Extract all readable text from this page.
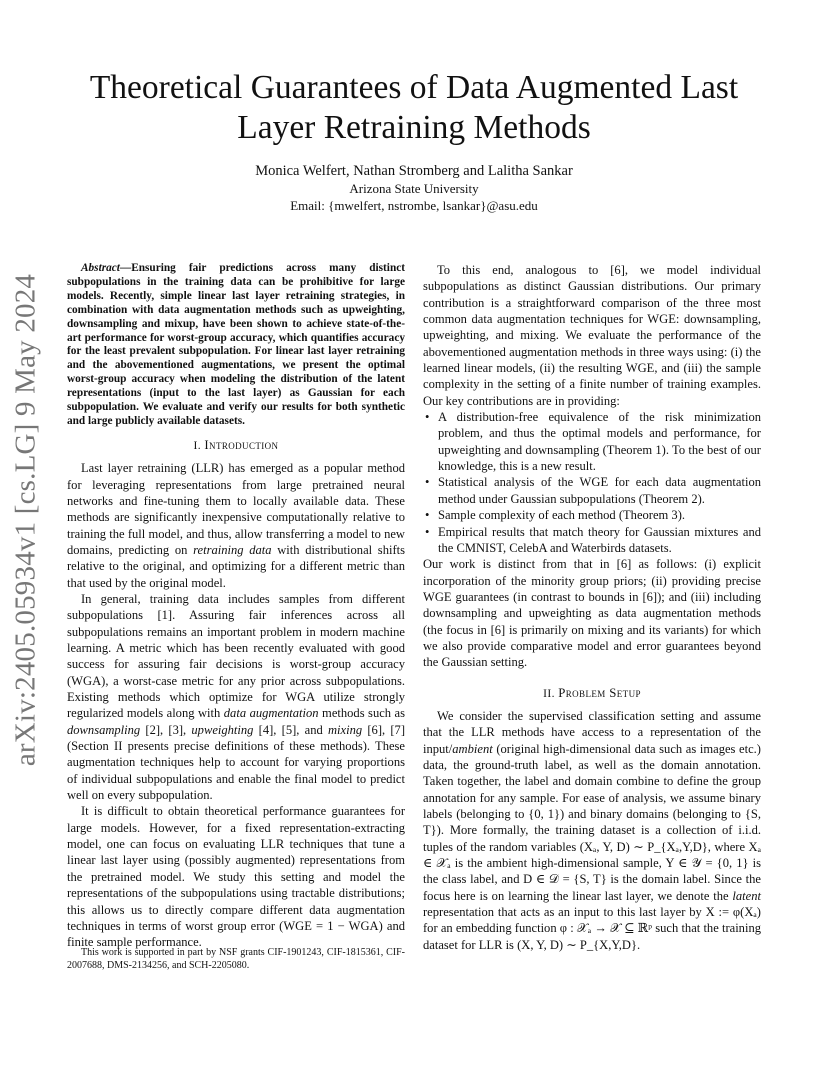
Theoretical Guarantees of Data Augmented Last
Layer Retraining Methods
Monica Welfert, Nathan Stromberg and Lalitha Sankar
Arizona State University
Email: {mwelfert, nstrombe, lsankar}@asu.edu
arXiv:2405.05934v1 [cs.LG] 9 May 2024

Abstract—Ensuring fair predictions across many distinct subpopulations in the training data can be prohibitive for large models. Recently, simple linear last layer retraining strategies, in combination with data augmentation methods such as upweighting, downsampling and mixup, have been shown to achieve state-of-the-art performance for worst-group accuracy, which quantifies accuracy for the least prevalent subpopulation. For linear last layer retraining and the abovementioned augmentations, we present the optimal worst-group accuracy when modeling the distribution of the latent representations (input to the last layer) as Gaussian for each subpopulation. We evaluate and verify our results for both synthetic and large publicly available datasets.

I. Introduction

Last layer retraining (LLR) has emerged as a popular method for leveraging representations from large pretrained neural networks and fine-tuning them to locally available data. These methods are significantly inexpensive computationally relative to training the full model, and thus, allow transferring a model to new domains, predicting on retraining data with distributional shifts relative to the original, and optimizing for a different metric than that used by the original model.

In general, training data includes samples from different subpopulations [1]. Assuring fair inferences across all subpopulations remains an important problem in modern machine learning. A metric which has been recently evaluated with good success for assuring fair decisions is worst-group accuracy (WGA), a worst-case metric for any prior across subpopulations. Existing methods which optimize for WGA utilize strongly regularized models along with data augmentation methods such as downsampling [2], [3], upweighting [4], [5], and mixing [6], [7] (Section II presents precise definitions of these methods). These augmentation techniques help to account for varying proportions of individual subpopulations and enable the final model to predict well on every subpopulation.

It is difficult to obtain theoretical performance guarantees for large models. However, for a fixed representation-extracting model, one can focus on evaluating LLR techniques that tune a linear last layer using (possibly augmented) representations from the pretrained model. We study this setting and model the representations of the subpopulations using tractable distributions; this allows us to directly compare different data augmentation techniques in terms of worst group error (WGE = 1 − WGA) and finite sample performance.

This work is supported in part by NSF grants CIF-1901243, CIF-1815361, CIF-2007688, DMS-2134256, and SCH-2205080.

To this end, analogous to [6], we model individual subpopulations as distinct Gaussian distributions. Our primary contribution is a straightforward comparison of the three most common data augmentation techniques for WGE: downsampling, upweighting, and mixing. We evaluate the performance of the abovementioned augmentation methods in three ways using: (i) the learned linear models, (ii) the resulting WGE, and (iii) the sample complexity in the setting of a finite number of training examples. Our key contributions are in providing:

• A distribution-free equivalence of the risk minimization problem, and thus the optimal models and performance, for upweighting and downsampling (Theorem 1). To the best of our knowledge, this is a new result.
• Statistical analysis of the WGE for each data augmentation method under Gaussian subpopulations (Theorem 2).
• Sample complexity of each method (Theorem 3).
• Empirical results that match theory for Gaussian mixtures and the CMNIST, CelebA and Waterbirds datasets.

Our work is distinct from that in [6] as follows: (i) explicit incorporation of the minority group priors; (ii) providing precise WGE guarantees (in contrast to bounds in [6]); and (iii) including downsampling and upweighting as data augmentation methods (the focus in [6] is primarily on mixing and its variants) for which we also provide comparative model and error guarantees beyond the Gaussian setting.

II. Problem Setup

We consider the supervised classification setting and assume that the LLR methods have access to a representation of the input/ambient (original high-dimensional data such as images etc.) data, the ground-truth label, as well as the domain annotation. Taken together, the label and domain combine to define the group annotation for any sample. For ease of analysis, we assume binary labels (belonging to {0, 1}) and binary domains (belonging to {S, T}). More formally, the training dataset is a collection of i.i.d. tuples of the random variables (Xₐ, Y, D) ∼ P_{Xₐ,Y,D}, where Xₐ ∈ 𝒳ₐ is the ambient high-dimensional sample, Y ∈ 𝒴 = {0, 1} is the class label, and D ∈ 𝒟 = {S, T} is the domain label. Since the focus here is on learning the linear last layer, we denote the latent representation that acts as an input to this last layer by X := φ(Xₐ) for an embedding function φ : 𝒳ₐ → 𝒳 ⊆ ℝᵖ such that the training dataset for LLR is (X, Y, D) ∼ P_{X,Y,D}.
